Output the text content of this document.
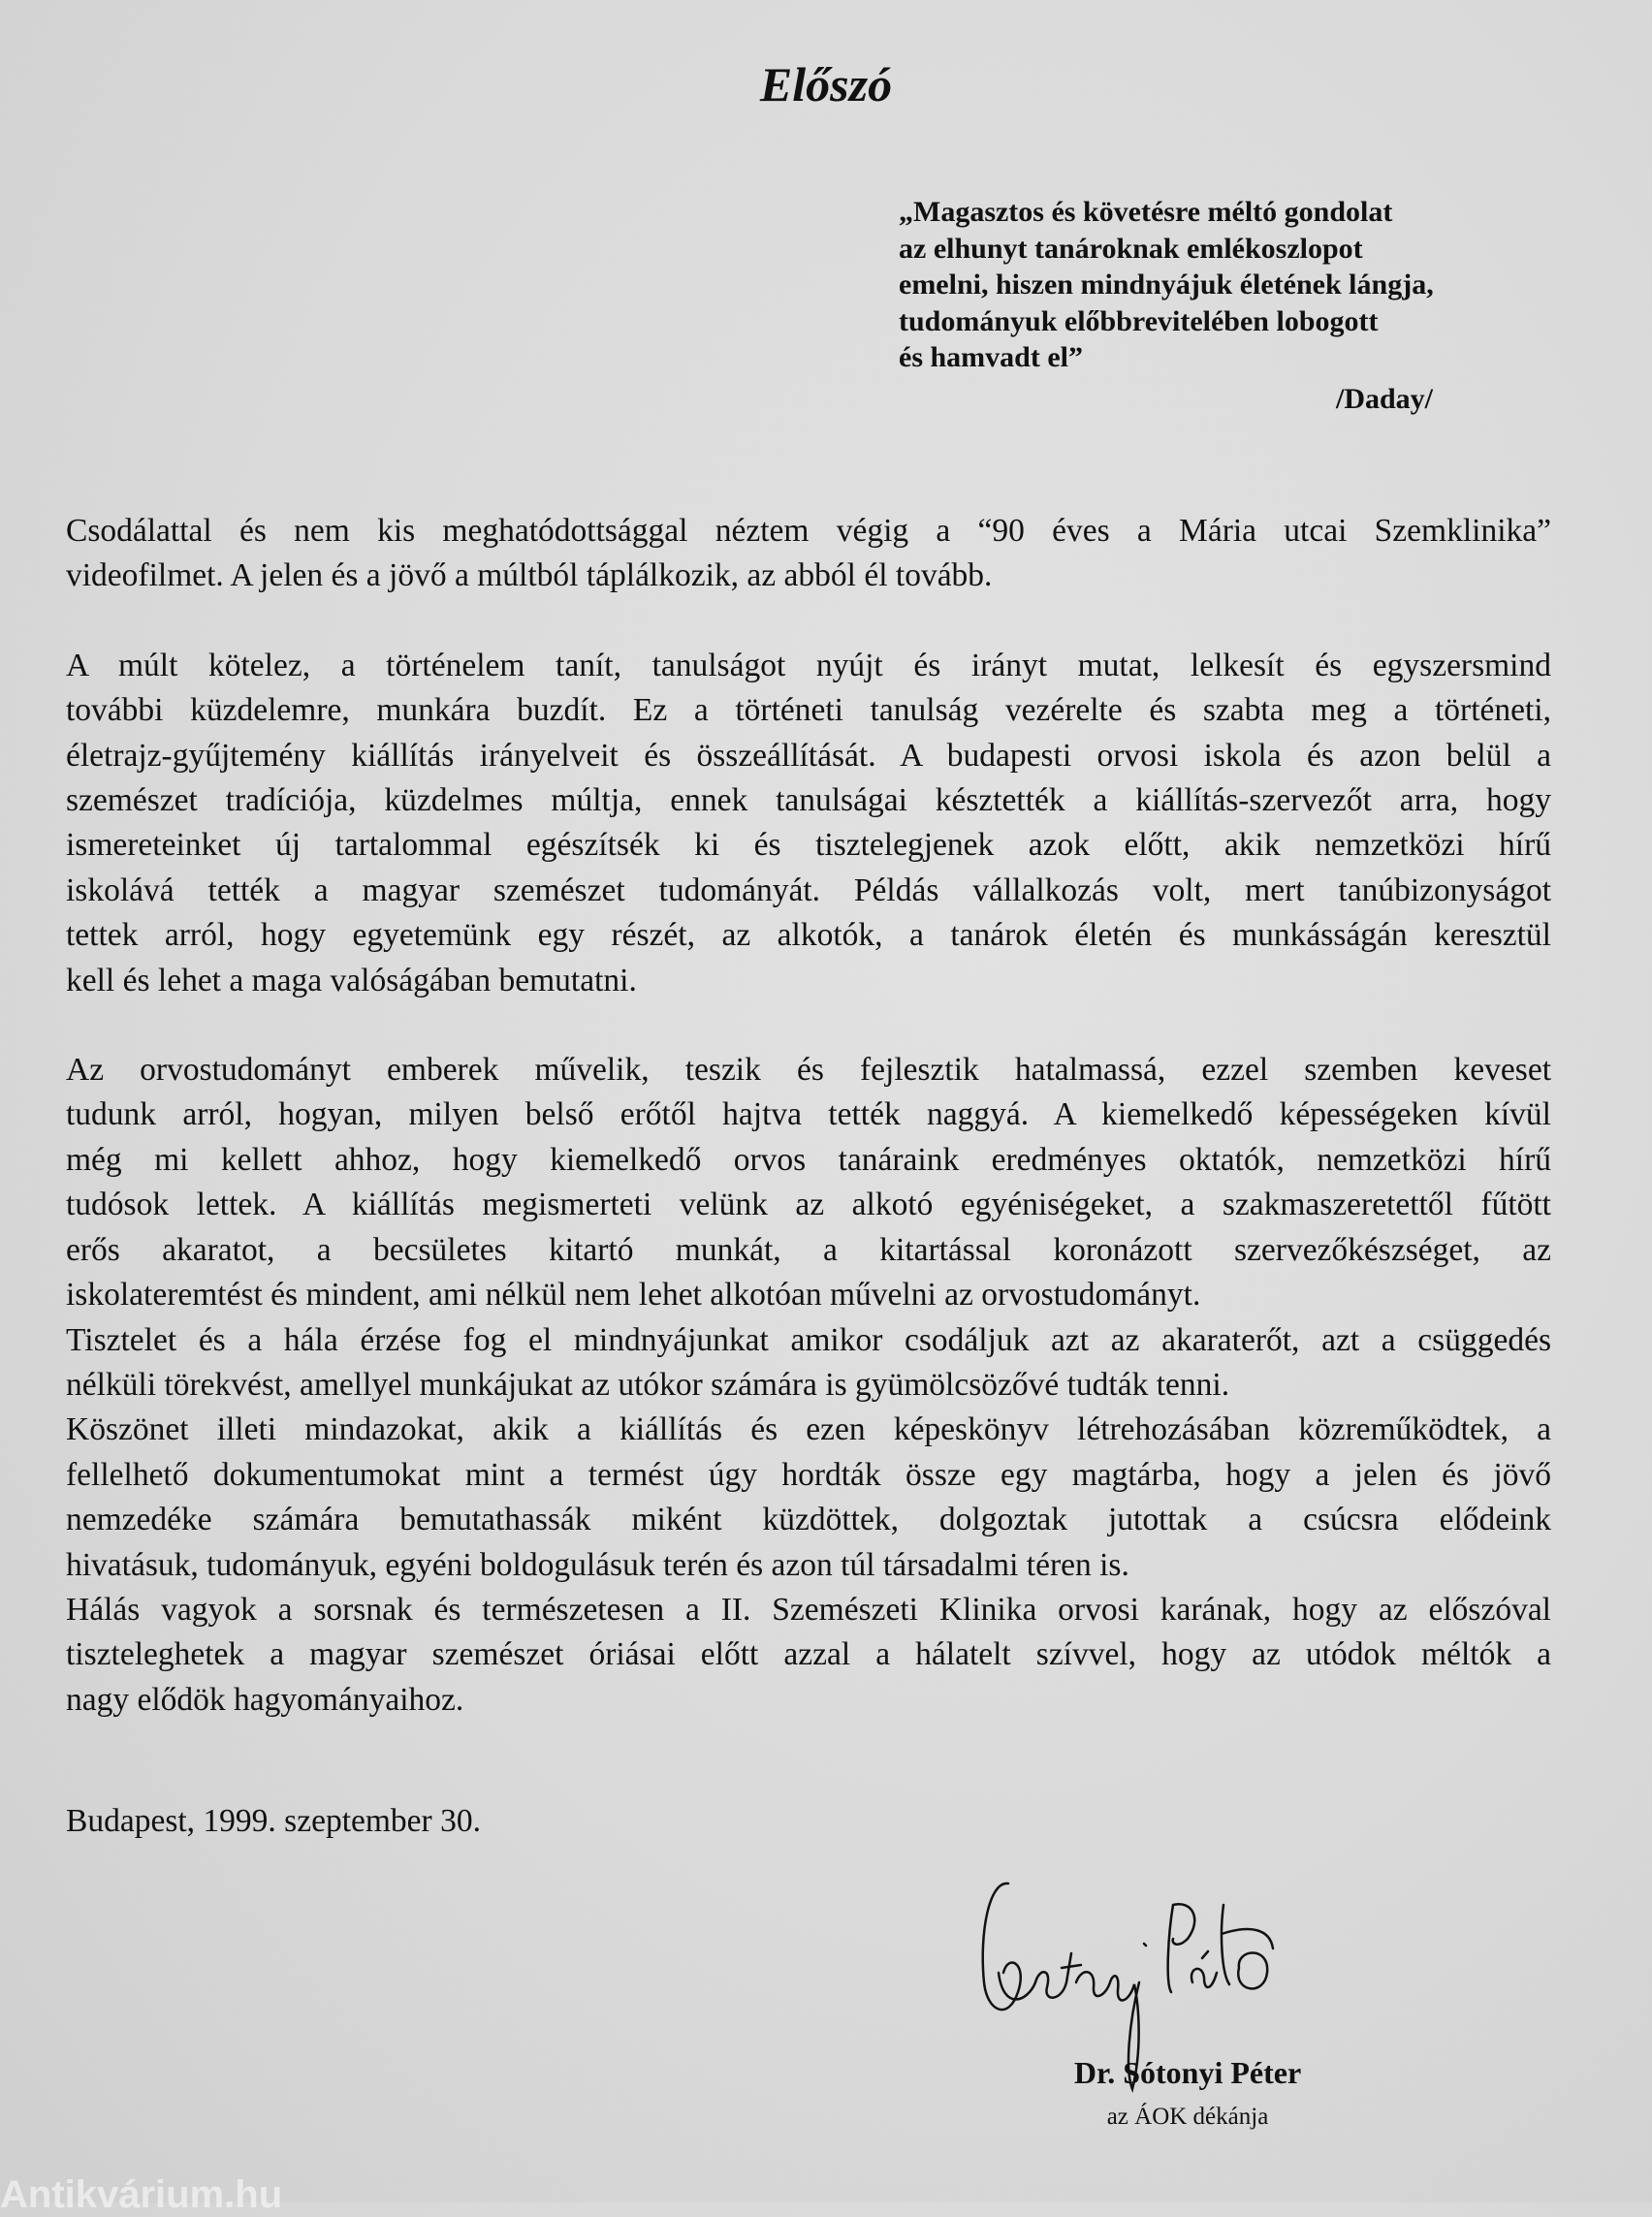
Előszó
„Magasztos és követésre méltó gondolat
az elhunyt tanároknak emlékoszlopot
emelni, hiszen mindnyájuk életének lángja,
tudományuk előbbrevitelében lobogott
és hamvadt el”
/Daday/
Csodálattal és nem kis meghatódottsággal néztem végig a “90 éves a Mária utcai Szemklinika”
videofilmet. A jelen és a jövő a múltból táplálkozik, az abból él tovább.
A múlt kötelez, a történelem tanít, tanulságot nyújt és irányt mutat, lelkesít és egyszersmind
további küzdelemre, munkára buzdít. Ez a történeti tanulság vezérelte és szabta meg a történeti,
életrajz-gyűjtemény kiállítás irányelveit és összeállítását. A budapesti orvosi iskola és azon belül a
szemészet tradíciója, küzdelmes múltja, ennek tanulságai késztették a kiállítás-szervezőt arra, hogy
ismereteinket új tartalommal egészítsék ki és tisztelegjenek azok előtt, akik nemzetközi hírű
iskolává tették a magyar szemészet tudományát. Példás vállalkozás volt, mert tanúbizonyságot
tettek arról, hogy egyetemünk egy részét, az alkotók, a tanárok életén és munkásságán keresztül
kell és lehet a maga valóságában bemutatni.
Az orvostudományt emberek művelik, teszik és fejlesztik hatalmassá, ezzel szemben keveset
tudunk arról, hogyan, milyen belső erőtől hajtva tették naggyá. A kiemelkedő képességeken kívül
még mi kellett ahhoz, hogy kiemelkedő orvos tanáraink eredményes oktatók, nemzetközi hírű
tudósok lettek. A kiállítás megismerteti velünk az alkotó egyéniségeket, a szakmaszeretettől fűtött
erős akaratot, a becsületes kitartó munkát, a kitartással koronázott szervezőkészséget, az
iskolateremtést és mindent, ami nélkül nem lehet alkotóan művelni az orvostudományt.
Tisztelet és a hála érzése fog el mindnyájunkat amikor csodáljuk azt az akaraterőt, azt a csüggedés
nélküli törekvést, amellyel munkájukat az utókor számára is gyümölcsözővé tudták tenni.
Köszönet illeti mindazokat, akik a kiállítás és ezen képeskönyv létrehozásában közreműködtek, a
fellelhető dokumentumokat mint a termést úgy hordták össze egy magtárba, hogy a jelen és jövő
nemzedéke számára bemutathassák miként küzdöttek, dolgoztak jutottak a csúcsra elődeink
hivatásuk, tudományuk, egyéni boldogulásuk terén és azon túl társadalmi téren is.
Hálás vagyok a sorsnak és természetesen a II. Szemészeti Klinika orvosi karának, hogy az előszóval
tiszteleghetek a magyar szemészet óriásai előtt azzal a hálatelt szívvel, hogy az utódok méltók a
nagy elődök hagyományaihoz.
Budapest, 1999. szeptember 30.
Dr. Sótonyi Péter
az ÁOK dékánja
Antikvárium.hu
